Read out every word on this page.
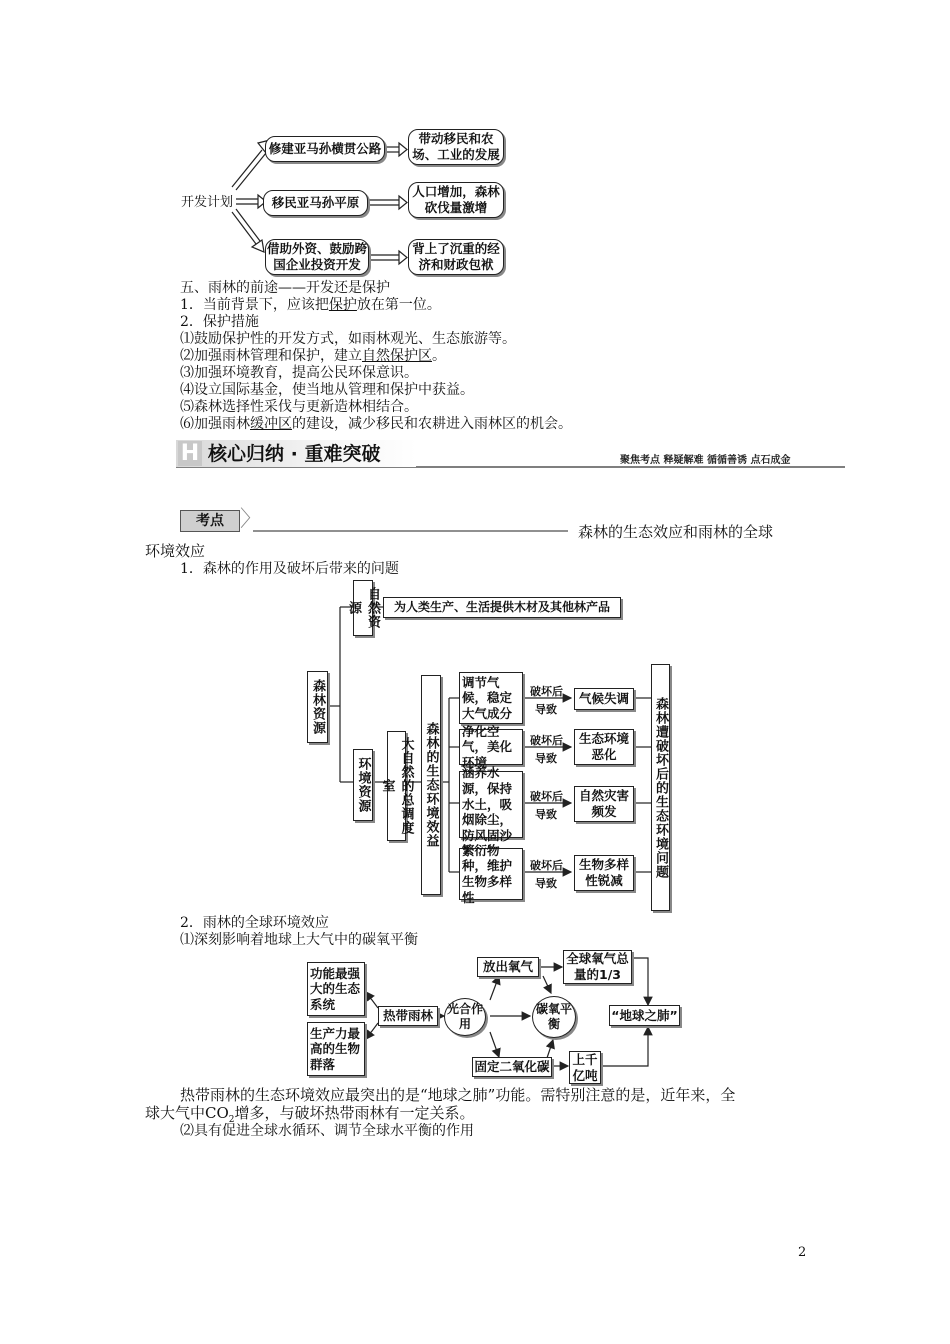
开发计划
修建亚马孙横贯公路
移民亚马孙平原
借助外资、鼓励跨国企业投资开发
带动移民和农场、工业的发展
人口增加，森林砍伐量激增
背上了沉重的经济和财政包袱
五、雨林的前途——开发还是保护
1．当前背景下，应该把保护放在第一位。
2．保护措施
⑴鼓励保护性的开发方式，如雨林观光、生态旅游等。
⑵加强雨林管理和保护，建立自然保护区。
⑶加强环境教育，提高公民环保意识。
⑷设立国际基金，使当地从管理和保护中获益。
⑸森林选择性采伐与更新造林相结合。
⑹加强雨林缓冲区的建设，减少移民和农耕进入雨林区的机会。
H 核心归纳 · 重难突破	聚焦考点 释疑解难 循循善诱 点石成金
考点 〉	森林的生态效应和雨林的全球
环境效应
1．森林的作用及破坏后带来的问题
森林资源
自然资源	为人类生产、生活提供木材及其他林产品
环境资源	大自然的总调度室	森林的生态环境效益
调节气候，稳定大气成分
净化空气，美化环境
涵养水源，保持水土，吸烟除尘，防风固沙
繁衍物种，维护生物多样性
破坏后
导致
破坏后
导致
破坏后
导致
破坏后
导致
气候失调
生态环境恶化
自然灾害频发
生物多样性锐减
森林遭破坏后的生态环境问题
2．雨林的全球环境效应
⑴深刻影响着地球上大气中的碳氧平衡
功能最强大的生态系统
生产力最高的生物群落
热带雨林	光合作用
放出氧气
全球氧气总量的1/3
碳氧平衡
固定二氧化碳 上千亿吨
“地球之肺”
热带雨林的生态环境效应最突出的是“地球之肺”功能。需特别注意的是，近年来，全
球大气中$CO_2$增多，与破坏热带雨林有一定关系。
⑵具有促进全球水循环、调节全球水平衡的作用
2
